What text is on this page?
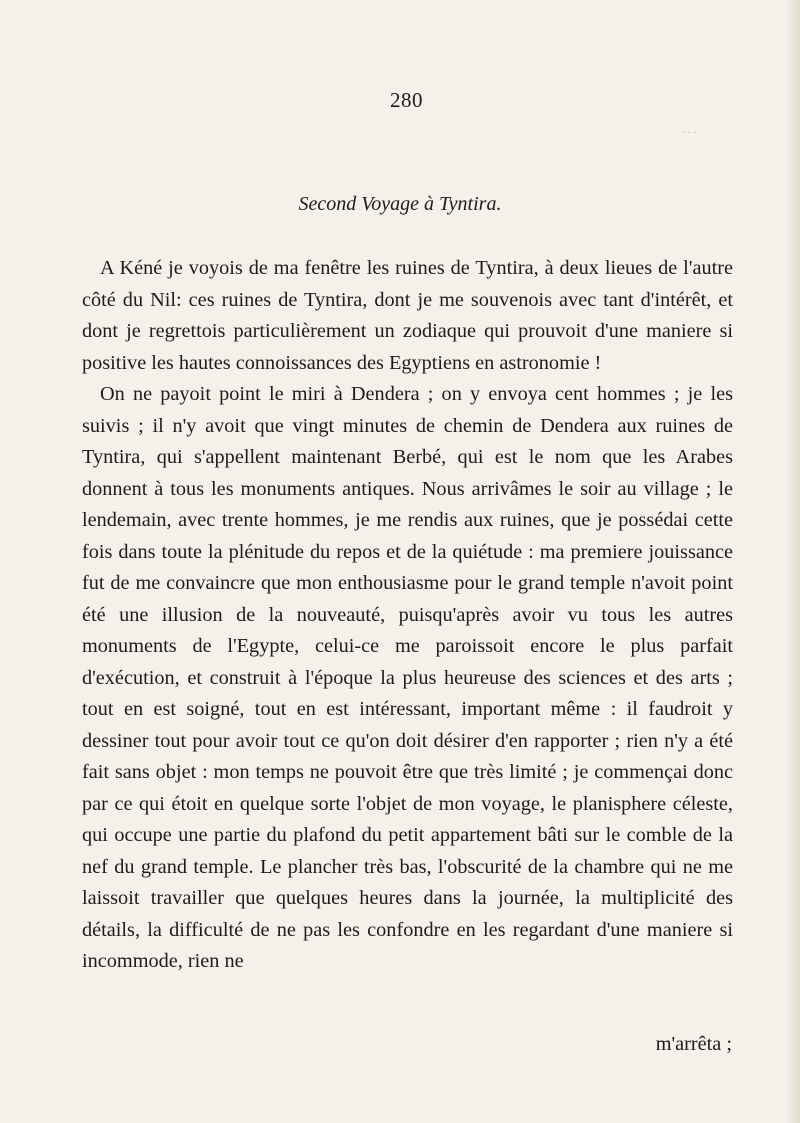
280
·· ·
Second Voyage à Tyntira.

A Kéné je voyois de ma fenêtre les ruines de Tyntira, à deux lieues de l'autre côté du Nil: ces ruines de Tyntira, dont je me souvenois avec tant d'intérêt, et dont je regrettois particulièrement un zodiaque qui prouvoit d'une maniere si positive les hautes connoissances des Egyptiens en astronomie !

On ne payoit point le miri à Dendera ; on y envoya cent hommes ; je les suivis ; il n'y avoit que vingt minutes de chemin de Dendera aux ruines de Tyntira, qui s'appellent maintenant Berbé, qui est le nom que les Arabes donnent à tous les monuments antiques. Nous arrivâmes le soir au village ; le lendemain, avec trente hommes, je me rendis aux ruines, que je possédai cette fois dans toute la plénitude du repos et de la quiétude : ma premiere jouissance fut de me convaincre que mon enthousiasme pour le grand temple n'avoit point été une illusion de la nouveauté, puisqu'après avoir vu tous les autres monuments de l'Egypte, celui-ce me paroissoit encore le plus parfait d'exécution, et construit à l'époque la plus heureuse des sciences et des arts ; tout en est soigné, tout en est intéressant, important même : il faudroit y dessiner tout pour avoir tout ce qu'on doit désirer d'en rapporter ; rien n'y a été fait sans objet : mon temps ne pouvoit être que très limité ; je commençai donc par ce qui étoit en quelque sorte l'objet de mon voyage, le planisphere céleste, qui occupe une partie du plafond du petit appartement bâti sur le comble de la nef du grand temple. Le plancher très bas, l'obscurité de la chambre qui ne me laissoit travailler que quelques heures dans la journée, la multiplicité des détails, la difficulté de ne pas les confondre en les regardant d'une maniere si incommode, rien ne

m'arrêta ;
